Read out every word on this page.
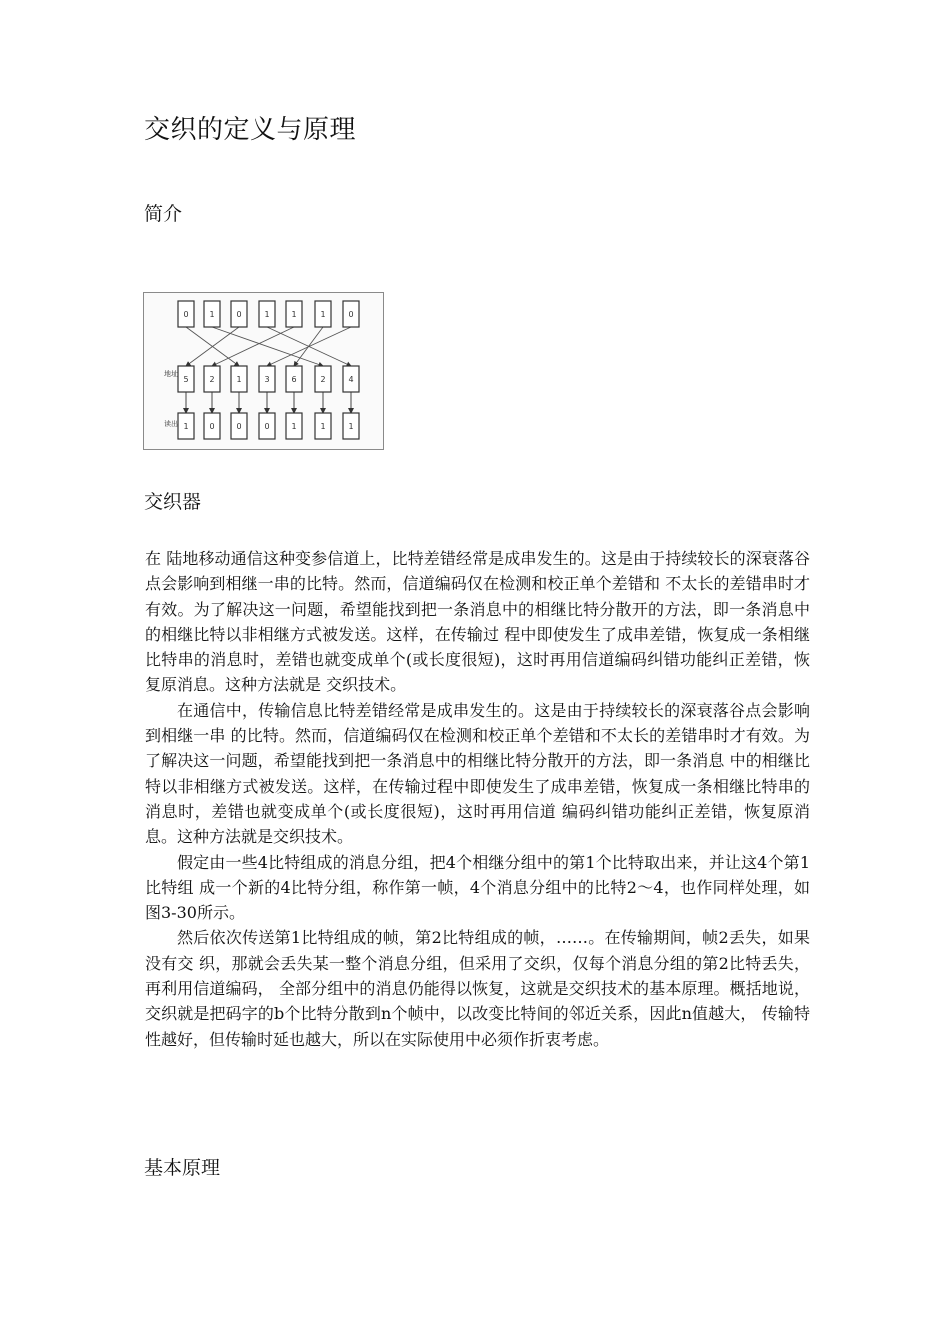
交织的定义与原理
简介
0	1	0	1	1	1	0
5	2	1	3	6	2	4
1	0	0	0	1	1	1
地址
读出
交织器

在 陆地移动通信这种变参信道上，比特差错经常是成串发生的。这是由于持续较长的深衰落谷点会影响到相继一串的比特。然而，信道编码仅在检测和校正单个差错和 不太长的差错串时才有效。为了解决这一问题，希望能找到把一条消息中的相继比特分散开的方法，即一条消息中的相继比特以非相继方式被发送。这样，在传输过 程中即使发生了成串差错，恢复成一条相继比特串的消息时，差错也就变成单个(或长度很短)，这时再用信道编码纠错功能纠正差错，恢复原消息。这种方法就是 交织技术。

在通信中，传输信息比特差错经常是成串发生的。这是由于持续较长的深衰落谷点会影响到相继一串 的比特。然而，信道编码仅在检测和校正单个差错和不太长的差错串时才有效。为了解决这一问题，希望能找到把一条消息中的相继比特分散开的方法，即一条消息 中的相继比特以非相继方式被发送。这样，在传输过程中即使发生了成串差错，恢复成一条相继比特串的消息时，差错也就变成单个(或长度很短)，这时再用信道 编码纠错功能纠正差错，恢复原消息。这种方法就是交织技术。

假定由一些4比特组成的消息分组，把4个相继分组中的第1个比特取出来，并让这4个第1比特组 成一个新的4比特分组，称作第一帧，4个消息分组中的比特2～4，也作同样处理，如图3-30所示。

然后依次传送第1比特组成的帧，第2比特组成的帧，……。在传输期间，帧2丢失，如果没有交 织，那就会丢失某一整个消息分组，但采用了交织，仅每个消息分组的第2比特丢失，再利用信道编码， 全部分组中的消息仍能得以恢复，这就是交织技术的基本原理。概括地说，交织就是把码字的b个比特分散到n个帧中，以改变比特间的邻近关系，因此n值越大， 传输特性越好，但传输时延也越大，所以在实际使用中必须作折衷考虑。

基本原理
